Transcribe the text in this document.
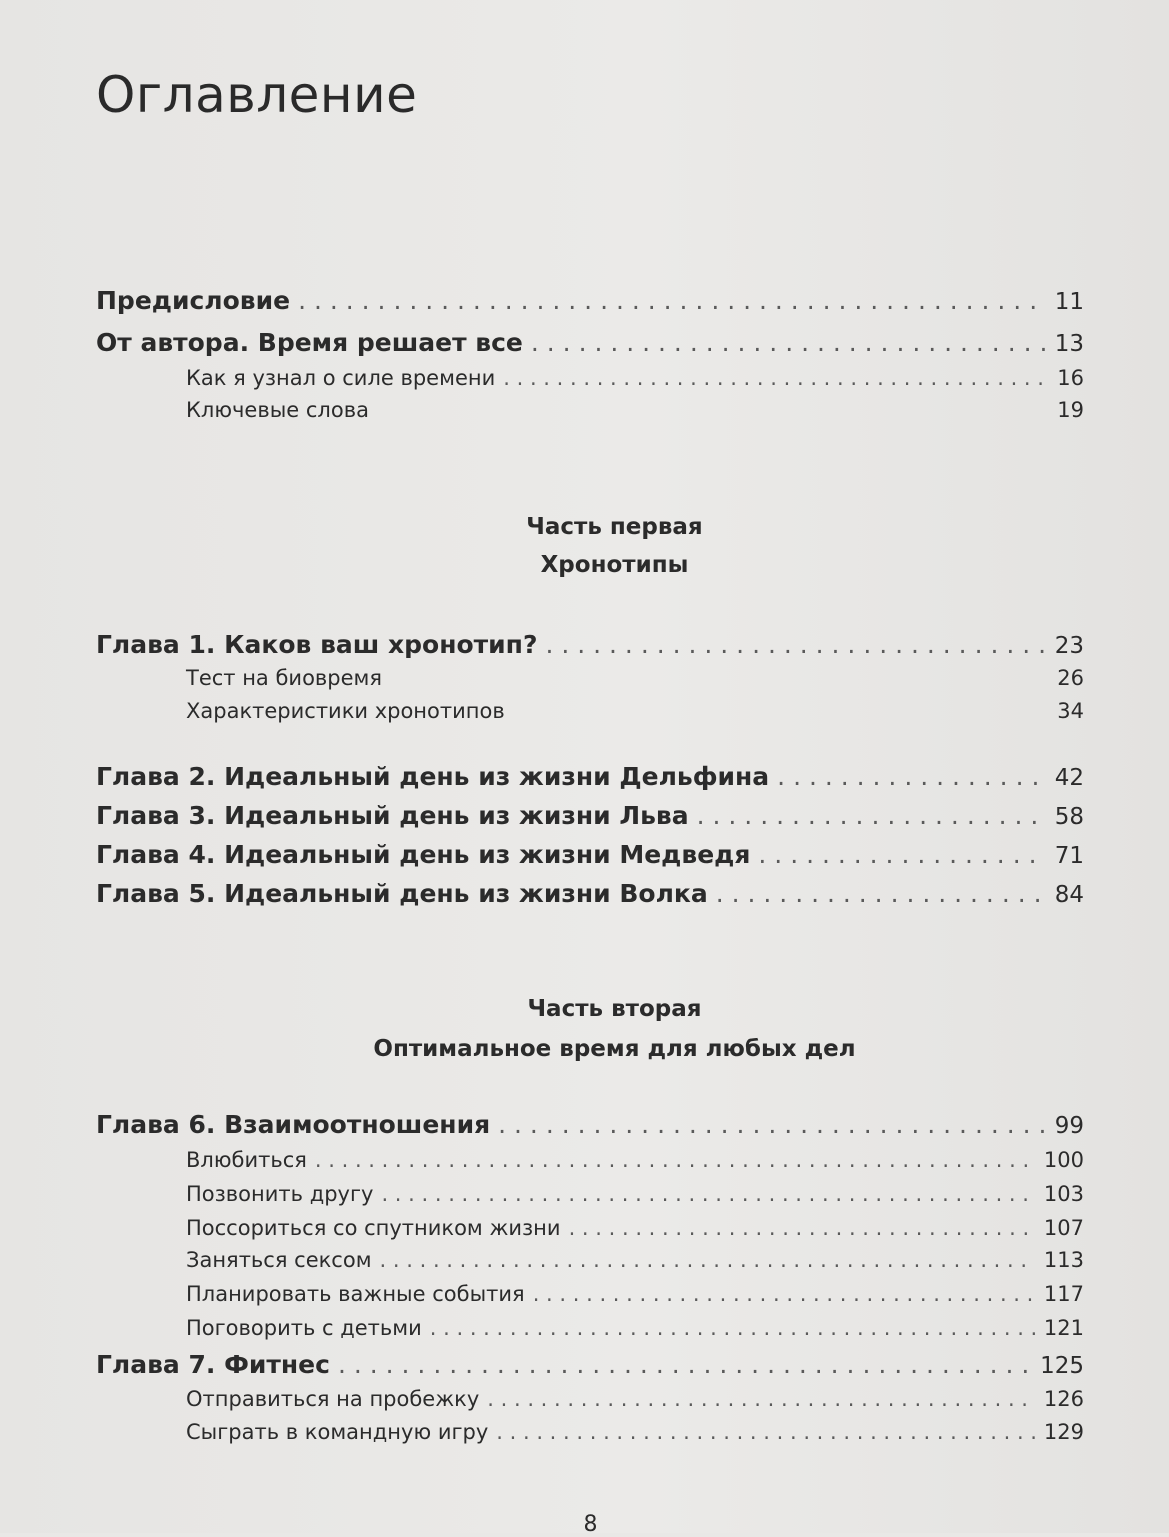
Оглавление
Предисловие . . .	11
От автора. Время решает все . . .	13
Как я узнал о силе времени . . .	16
Ключевые слова	19
Часть первая
Хронотипы
Глава 1. Каков ваш хронотип? . . .	23
Тест на биовремя	26
Характеристики хронотипов	34
Глава 2. Идеальный день из жизни Дельфина . . .	42
Глава 3. Идеальный день из жизни Льва . . .	58
Глава 4. Идеальный день из жизни Медведя . . .	71
Глава 5. Идеальный день из жизни Волка . . .	84
Часть вторая
Оптимальное время для любых дел
Глава 6. Взаимоотношения . . .	99
Влюбиться . . .	100
Позвонить другу . . .	103
Поссориться со спутником жизни . . .	107
Заняться сексом . . .	113
Планировать важные события . . .	117
Поговорить с детьми . . .	121
Глава 7. Фитнес . . .	125
Отправиться на пробежку . . .	126
Сыграть в командную игру . . .	129
8
